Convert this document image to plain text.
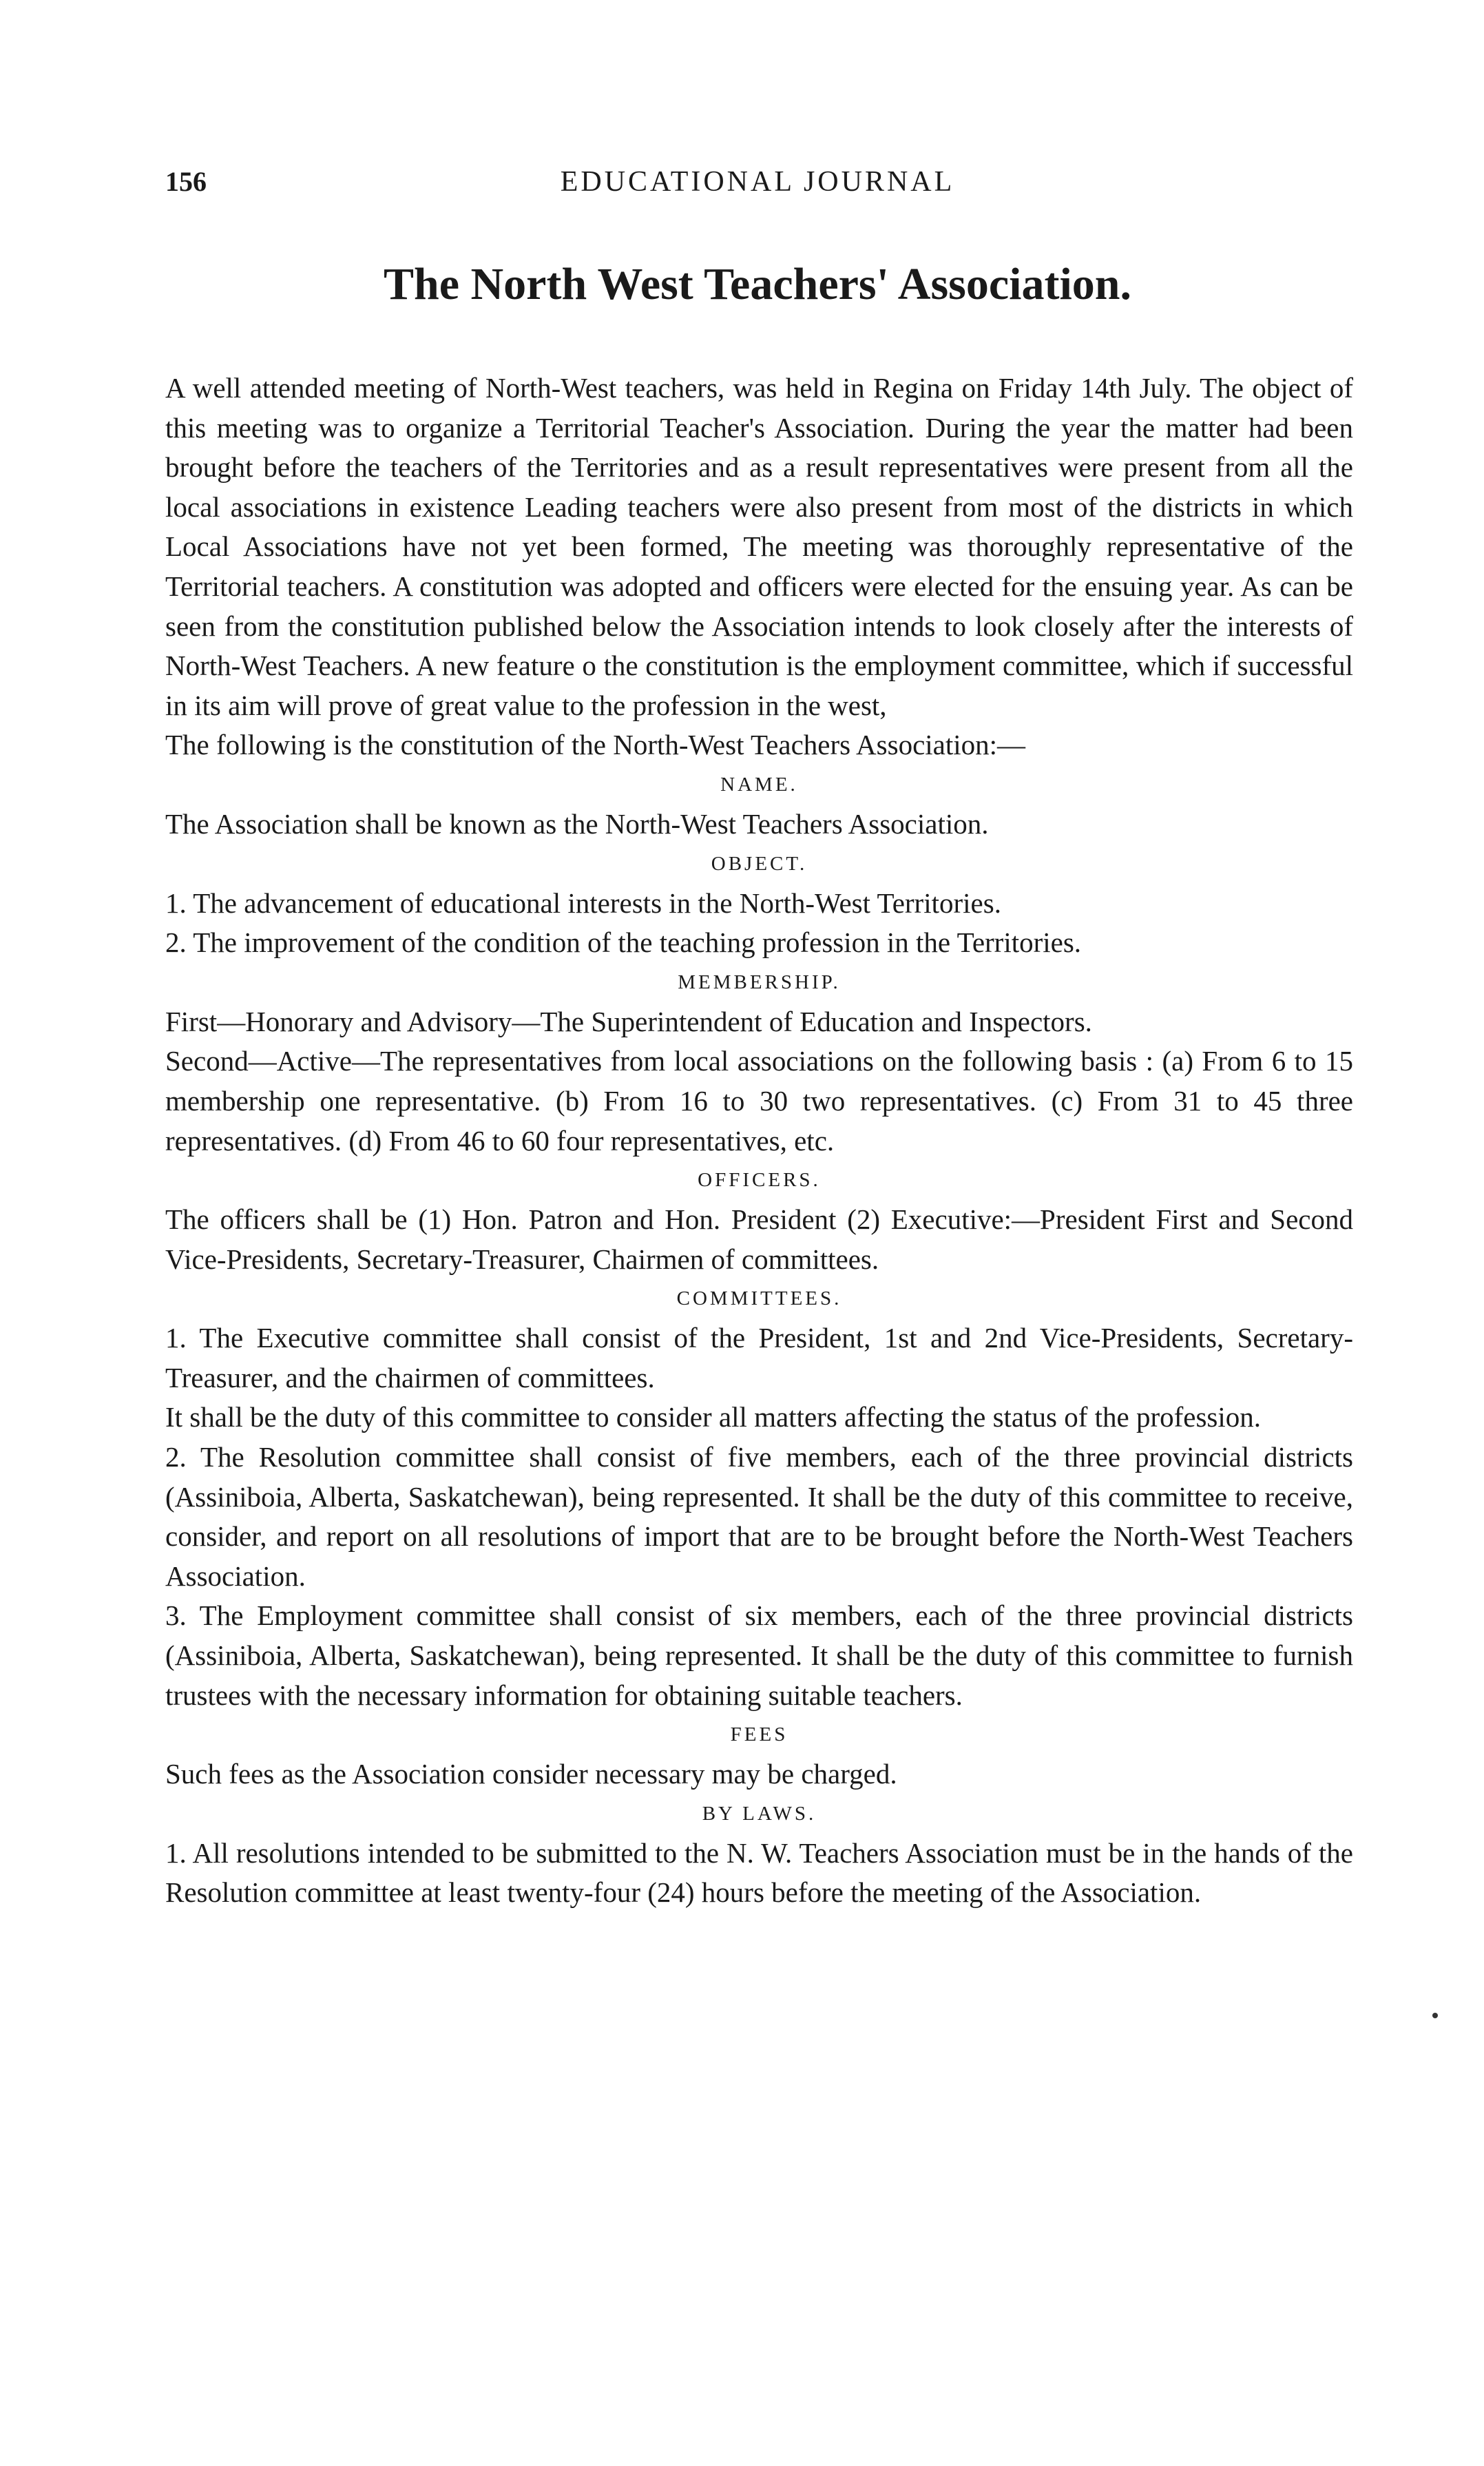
156	EDUCATIONAL JOURNAL
The North West Teachers' Association.

A well attended meeting of North-West teachers, was held in Regina on Friday 14th July. The object of this meeting was to organize a Territorial Teacher's Association. During the year the matter had been brought before the teachers of the Territories and as a result representatives were present from all the local associations in existence Leading teachers were also present from most of the districts in which Local Associations have not yet been formed, The meeting was thoroughly representative of the Territorial teachers. A constitution was adopted and officers were elected for the ensuing year. As can be seen from the constitution published below the Association intends to look closely after the interests of North-West Teachers. A new feature o the constitution is the employment committee, which if successful in its aim will prove of great value to the profession in the west,

The following is the constitution of the North-West Teachers Association:—

NAME.

The Association shall be known as the North-West Teachers Association.

OBJECT.

1. The advancement of educational interests in the North-West Territories.

2. The improvement of the condition of the teaching profession in the Territories.

MEMBERSHIP.

First—Honorary and Advisory—The Superintendent of Education and Inspectors.

Second—Active—The representatives from local associations on the following basis : (a) From 6 to 15 membership one representative. (b) From 16 to 30 two representatives. (c) From 31 to 45 three representatives. (d) From 46 to 60 four representatives, etc.

OFFICERS.

The officers shall be (1) Hon. Patron and Hon. President (2) Executive:—President First and Second Vice-Presidents, Secretary-Treasurer, Chairmen of committees.

COMMITTEES.

1. The Executive committee shall consist of the President, 1st and 2nd Vice-Presidents, Secretary-Treasurer, and the chairmen of committees.

It shall be the duty of this committee to consider all matters affecting the status of the profession.

2. The Resolution committee shall consist of five members, each of the three provincial districts (Assiniboia, Alberta, Saskatchewan), being represented. It shall be the duty of this committee to receive, consider, and report on all resolutions of import that are to be brought before the North-West Teachers Association.

3. The Employment committee shall consist of six members, each of the three provincial districts (Assiniboia, Alberta, Saskatchewan), being represented. It shall be the duty of this committee to furnish trustees with the necessary information for obtaining suitable teachers.

FEES

Such fees as the Association consider necessary may be charged.

BY LAWS.

1. All resolutions intended to be submitted to the N. W. Teachers Association must be in the hands of the Resolution committee at least twenty-four (24) hours before the meeting of the Association.
